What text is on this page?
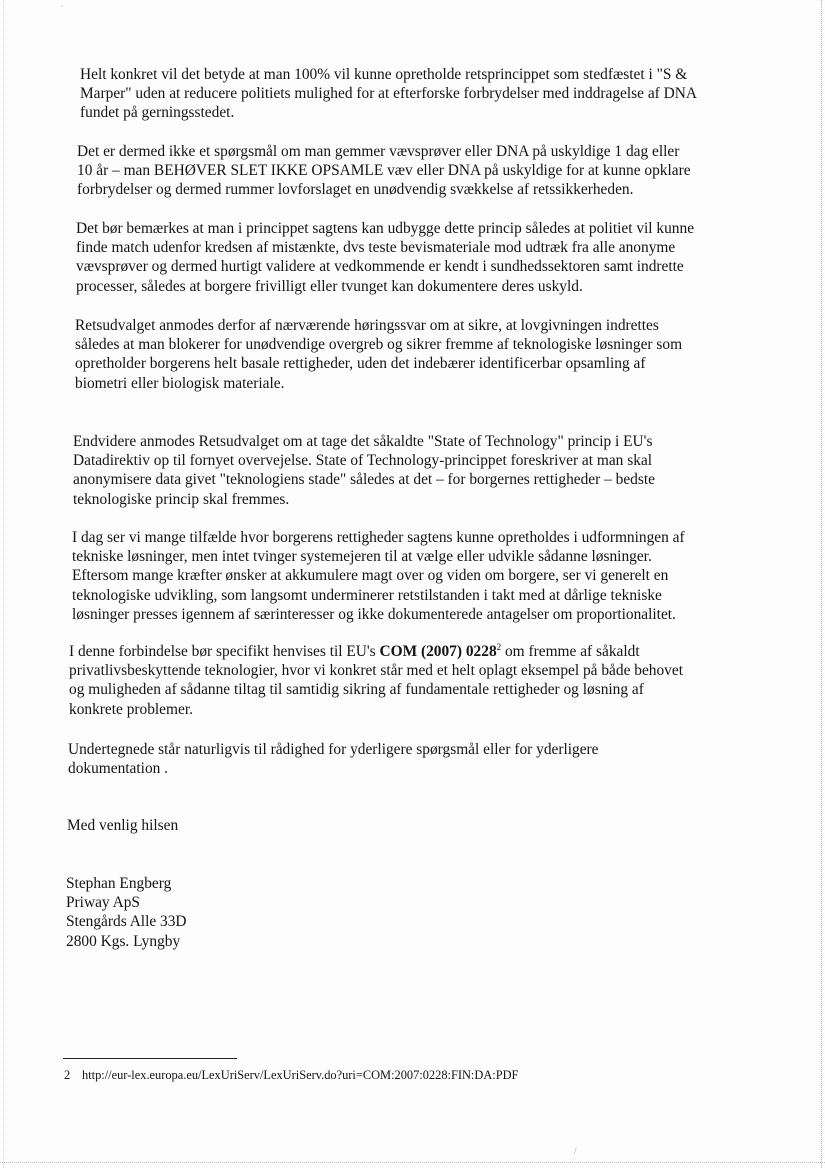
´
/

Helt konkret vil det betyde at man 100% vil kunne opretholde retsprincippet som stedfæstet i "S &
Marper" uden at reducere politiets mulighed for at efterforske forbrydelser med inddragelse af DNA
fundet på gerningsstedet.

Det er dermed ikke et spørgsmål om man gemmer vævsprøver eller DNA på uskyldige 1 dag eller
10 år – man BEHØVER SLET IKKE OPSAMLE væv eller DNA på uskyldige for at kunne opklare
forbrydelser og dermed rummer lovforslaget en unødvendig svækkelse af retssikkerheden.

Det bør bemærkes at man i princippet sagtens kan udbygge dette princip således at politiet vil kunne
finde match udenfor kredsen af mistænkte, dvs teste bevismateriale mod udtræk fra alle anonyme
vævsprøver og dermed hurtigt validere at vedkommende er kendt i sundhedssektoren samt indrette
processer, således at borgere frivilligt eller tvunget kan dokumentere deres uskyld.

Retsudvalget anmodes derfor af nærværende høringssvar om at sikre, at lovgivningen indrettes
således at man blokerer for unødvendige overgreb og sikrer fremme af teknologiske løsninger som
opretholder borgerens helt basale rettigheder, uden det indebærer identificerbar opsamling af
biometri eller biologisk materiale.

Endvidere anmodes Retsudvalget om at tage det såkaldte "State of Technology" princip i EU's
Datadirektiv op til fornyet overvejelse. State of Technology-princippet foreskriver at man skal
anonymisere data givet "teknologiens stade" således at det – for borgernes rettigheder – bedste
teknologiske princip skal fremmes.

I dag ser vi mange tilfælde hvor borgerens rettigheder sagtens kunne opretholdes i udformningen af
tekniske løsninger, men intet tvinger systemejeren til at vælge eller udvikle sådanne løsninger.
Eftersom mange kræfter ønsker at akkumulere magt over og viden om borgere, ser vi generelt en
teknologiske udvikling, som langsomt underminerer retstilstanden i takt med at dårlige tekniske
løsninger presses igennem af særinteresser og ikke dokumenterede antagelser om proportionalitet.

I denne forbindelse bør specifikt henvises til EU's COM (2007) 0228$^2$ om fremme af såkaldt
privatlivsbeskyttende teknologier, hvor vi konkret står med et helt oplagt eksempel på både behovet
og muligheden af sådanne tiltag til samtidig sikring af fundamentale rettigheder og løsning af
konkrete problemer.

Undertegnede står naturligvis til rådighed for yderligere spørgsmål eller for yderligere
dokumentation .

Med venlig hilsen

Stephan Engberg
Priway ApS
Stengårds Alle 33D
2800 Kgs. Lyngby

2 http://eur-lex.europa.eu/LexUriServ/LexUriServ.do?uri=COM:2007:0228:FIN:DA:PDF
